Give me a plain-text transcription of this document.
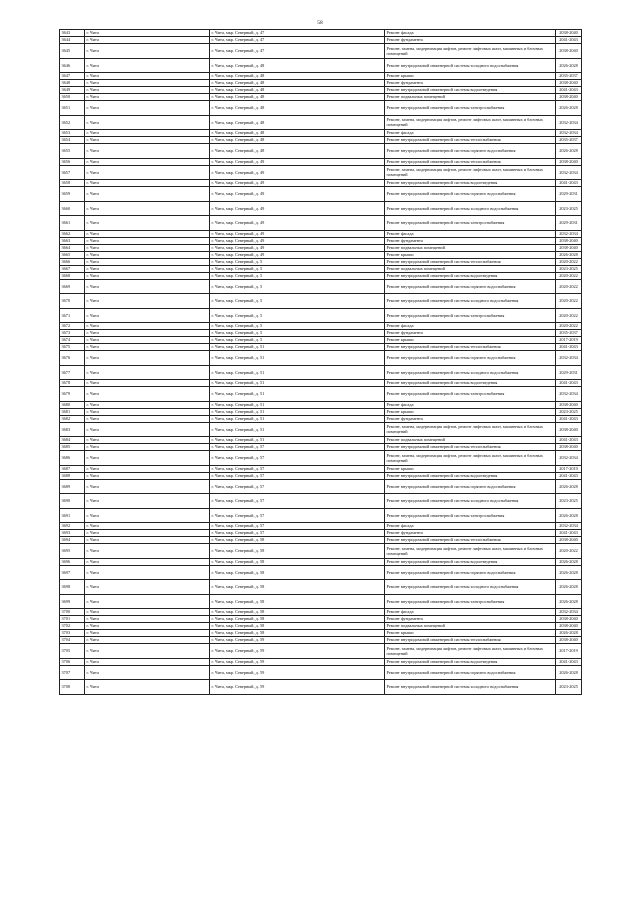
58
3643	г. Чита	г. Чита, мкр. Северный, д. 47	Ремонт фасада	2038-2040
3644	г. Чита	г. Чита, мкр. Северный, д. 47	Ремонт фундамента	2041-2043
3645	г. Чита	г. Чита, мкр. Северный, д. 47	Ремонт, замена, модернизация лифтов, ремонт лифтовых шахт, машинных и блочных помещений	2038-2040
3646	г. Чита	г. Чита, мкр. Северный, д. 48	Ремонт внутридомовой инженерной системы холодного водоснабжения	2026-2028
3647	г. Чита	г. Чита, мкр. Северный, д. 48	Ремонт крыши	2035-2037
3648	г. Чита	г. Чита, мкр. Северный, д. 48	Ремонт фундамента	2038-2040
3649	г. Чита	г. Чита, мкр. Северный, д. 48	Ремонт внутридомовой инженерной системы водоотведения	2041-2043
3650	г. Чита	г. Чита, мкр. Северный, д. 48	Ремонт подвальных помещений	2038-2040
3651	г. Чита	г. Чита, мкр. Северный, д. 48	Ремонт внутридомовой инженерной системы электроснабжения	2026-2028
3652	г. Чита	г. Чита, мкр. Северный, д. 48	Ремонт, замена, модернизация лифтов, ремонт лифтовых шахт, машинных и блочных помещений	2032-2034
3653	г. Чита	г. Чита, мкр. Северный, д. 48	Ремонт фасада	2032-2034
3654	г. Чита	г. Чита, мкр. Северный, д. 48	Ремонт внутридомовой инженерной системы теплоснабжения	2035-2037
3655	г. Чита	г. Чита, мкр. Северный, д. 48	Ремонт внутридомовой инженерной системы горячего водоснабжения	2026-2028
3656	г. Чита	г. Чита, мкр. Северный, д. 49	Ремонт внутридомовой инженерной системы теплоснабжения	2038-2040
3657	г. Чита	г. Чита, мкр. Северный, д. 49	Ремонт, замена, модернизация лифтов, ремонт лифтовых шахт, машинных и блочных помещений	2032-2034
3658	г. Чита	г. Чита, мкр. Северный, д. 49	Ремонт внутридомовой инженерной системы водоотведения	2041-2043
3659	г. Чита	г. Чита, мкр. Северный, д. 49	Ремонт внутридомовой инженерной системы горячего водоснабжения	2029-2031
3660	г. Чита	г. Чита, мкр. Северный, д. 49	Ремонт внутридомовой инженерной системы холодного водоснабжения	2023-2025
3661	г. Чита	г. Чита, мкр. Северный, д. 49	Ремонт внутридомовой инженерной системы электроснабжения	2029-2031
3662	г. Чита	г. Чита, мкр. Северный, д. 49	Ремонт фасада	2032-2034
3663	г. Чита	г. Чита, мкр. Северный, д. 49	Ремонт фундамента	2038-2040
3664	г. Чита	г. Чита, мкр. Северный, д. 49	Ремонт подвальных помещений	2038-2040
3665	г. Чита	г. Чита, мкр. Северный, д. 49	Ремонт крыши	2026-2028
3666	г. Чита	г. Чита, мкр. Северный, д. 5	Ремонт внутридомовой инженерной системы теплоснабжения	2020-2022
3667	г. Чита	г. Чита, мкр. Северный, д. 5	Ремонт подвальных помещений	2023-2025
3668	г. Чита	г. Чита, мкр. Северный, д. 5	Ремонт внутридомовой инженерной системы водоотведения	2020-2022
3669	г. Чита	г. Чита, мкр. Северный, д. 5	Ремонт внутридомовой инженерной системы горячего водоснабжения	2020-2022
3670	г. Чита	г. Чита, мкр. Северный, д. 5	Ремонт внутридомовой инженерной системы холодного водоснабжения	2020-2022
3671	г. Чита	г. Чита, мкр. Северный, д. 5	Ремонт внутридомовой инженерной системы электроснабжения	2020-2022
3672	г. Чита	г. Чита, мкр. Северный, д. 5	Ремонт фасада	2020-2022
3673	г. Чита	г. Чита, мкр. Северный, д. 5	Ремонт фундамента	2035-2037
3674	г. Чита	г. Чита, мкр. Северный, д. 5	Ремонт крыши	2017-2019
3675	г. Чита	г. Чита, мкр. Северный, д. 51	Ремонт внутридомовой инженерной системы теплоснабжения	2041-2043
3676	г. Чита	г. Чита, мкр. Северный, д. 51	Ремонт внутридомовой инженерной системы горячего водоснабжения	2032-2034
3677	г. Чита	г. Чита, мкр. Северный, д. 51	Ремонт внутридомовой инженерной системы холодного водоснабжения	2029-2031
3678	г. Чита	г. Чита, мкр. Северный, д. 51	Ремонт внутридомовой инженерной системы водоотведения	2041-2043
3679	г. Чита	г. Чита, мкр. Северный, д. 51	Ремонт внутридомовой инженерной системы электроснабжения	2032-2034
3680	г. Чита	г. Чита, мкр. Северный, д. 51	Ремонт фасада	2038-2040
3681	г. Чита	г. Чита, мкр. Северный, д. 51	Ремонт крыши	2023-2025
3682	г. Чита	г. Чита, мкр. Северный, д. 51	Ремонт фундамента	2041-2043
3683	г. Чита	г. Чита, мкр. Северный, д. 51	Ремонт, замена, модернизация лифтов, ремонт лифтовых шахт, машинных и блочных помещений	2038-2040
3684	г. Чита	г. Чита, мкр. Северный, д. 51	Ремонт подвальных помещений	2041-2043
3685	г. Чита	г. Чита, мкр. Северный, д. 57	Ремонт внутридомовой инженерной системы теплоснабжения	2038-2040
3686	г. Чита	г. Чита, мкр. Северный, д. 57	Ремонт, замена, модернизация лифтов, ремонт лифтовых шахт, машинных и блочных помещений	2032-2034
3687	г. Чита	г. Чита, мкр. Северный, д. 57	Ремонт крыши	2017-2019
3688	г. Чита	г. Чита, мкр. Северный, д. 57	Ремонт внутридомовой инженерной системы водоотведения	2041-2043
3689	г. Чита	г. Чита, мкр. Северный, д. 57	Ремонт внутридомовой инженерной системы горячего водоснабжения	2026-2028
3690	г. Чита	г. Чита, мкр. Северный, д. 57	Ремонт внутридомовой инженерной системы холодного водоснабжения	2023-2025
3691	г. Чита	г. Чита, мкр. Северный, д. 57	Ремонт внутридомовой инженерной системы электроснабжения	2026-2028
3692	г. Чита	г. Чита, мкр. Северный, д. 57	Ремонт фасада	2032-2034
3693	г. Чита	г. Чита, мкр. Северный, д. 57	Ремонт фундамента	2041-2043
3694	г. Чита	г. Чита, мкр. Северный, д. 58	Ремонт внутридомовой инженерной системы теплоснабжения	2038-2040
3695	г. Чита	г. Чита, мкр. Северный, д. 58	Ремонт, замена, модернизация лифтов, ремонт лифтовых шахт, машинных и блочных помещений	2020-2022
3696	г. Чита	г. Чита, мкр. Северный, д. 58	Ремонт внутридомовой инженерной системы водоотведения	2026-2028
3697	г. Чита	г. Чита, мкр. Северный, д. 58	Ремонт внутридомовой инженерной системы горячего водоснабжения	2026-2028
3698	г. Чита	г. Чита, мкр. Северный, д. 58	Ремонт внутридомовой инженерной системы холодного водоснабжения	2026-2028
3699	г. Чита	г. Чита, мкр. Северный, д. 58	Ремонт внутридомовой инженерной системы электроснабжения	2026-2028
3700	г. Чита	г. Чита, мкр. Северный, д. 58	Ремонт фасада	2032-2034
3701	г. Чита	г. Чита, мкр. Северный, д. 58	Ремонт фундамента	2038-2040
3702	г. Чита	г. Чита, мкр. Северный, д. 58	Ремонт подвальных помещений	2038-2040
3703	г. Чита	г. Чита, мкр. Северный, д. 58	Ремонт крыши	2026-2028
3704	г. Чита	г. Чита, мкр. Северный, д. 59	Ремонт внутридомовой инженерной системы теплоснабжения	2038-2040
3705	г. Чита	г. Чита, мкр. Северный, д. 59	Ремонт, замена, модернизация лифтов, ремонт лифтовых шахт, машинных и блочных помещений	2017-2019
3706	г. Чита	г. Чита, мкр. Северный, д. 59	Ремонт внутридомовой инженерной системы водоотведения	2041-2043
3707	г. Чита	г. Чита, мкр. Северный, д. 59	Ремонт внутридомовой инженерной системы горячего водоснабжения	2026-2028
3708	г. Чита	г. Чита, мкр. Северный, д. 59	Ремонт внутридомовой инженерной системы холодного водоснабжения	2023-2025
